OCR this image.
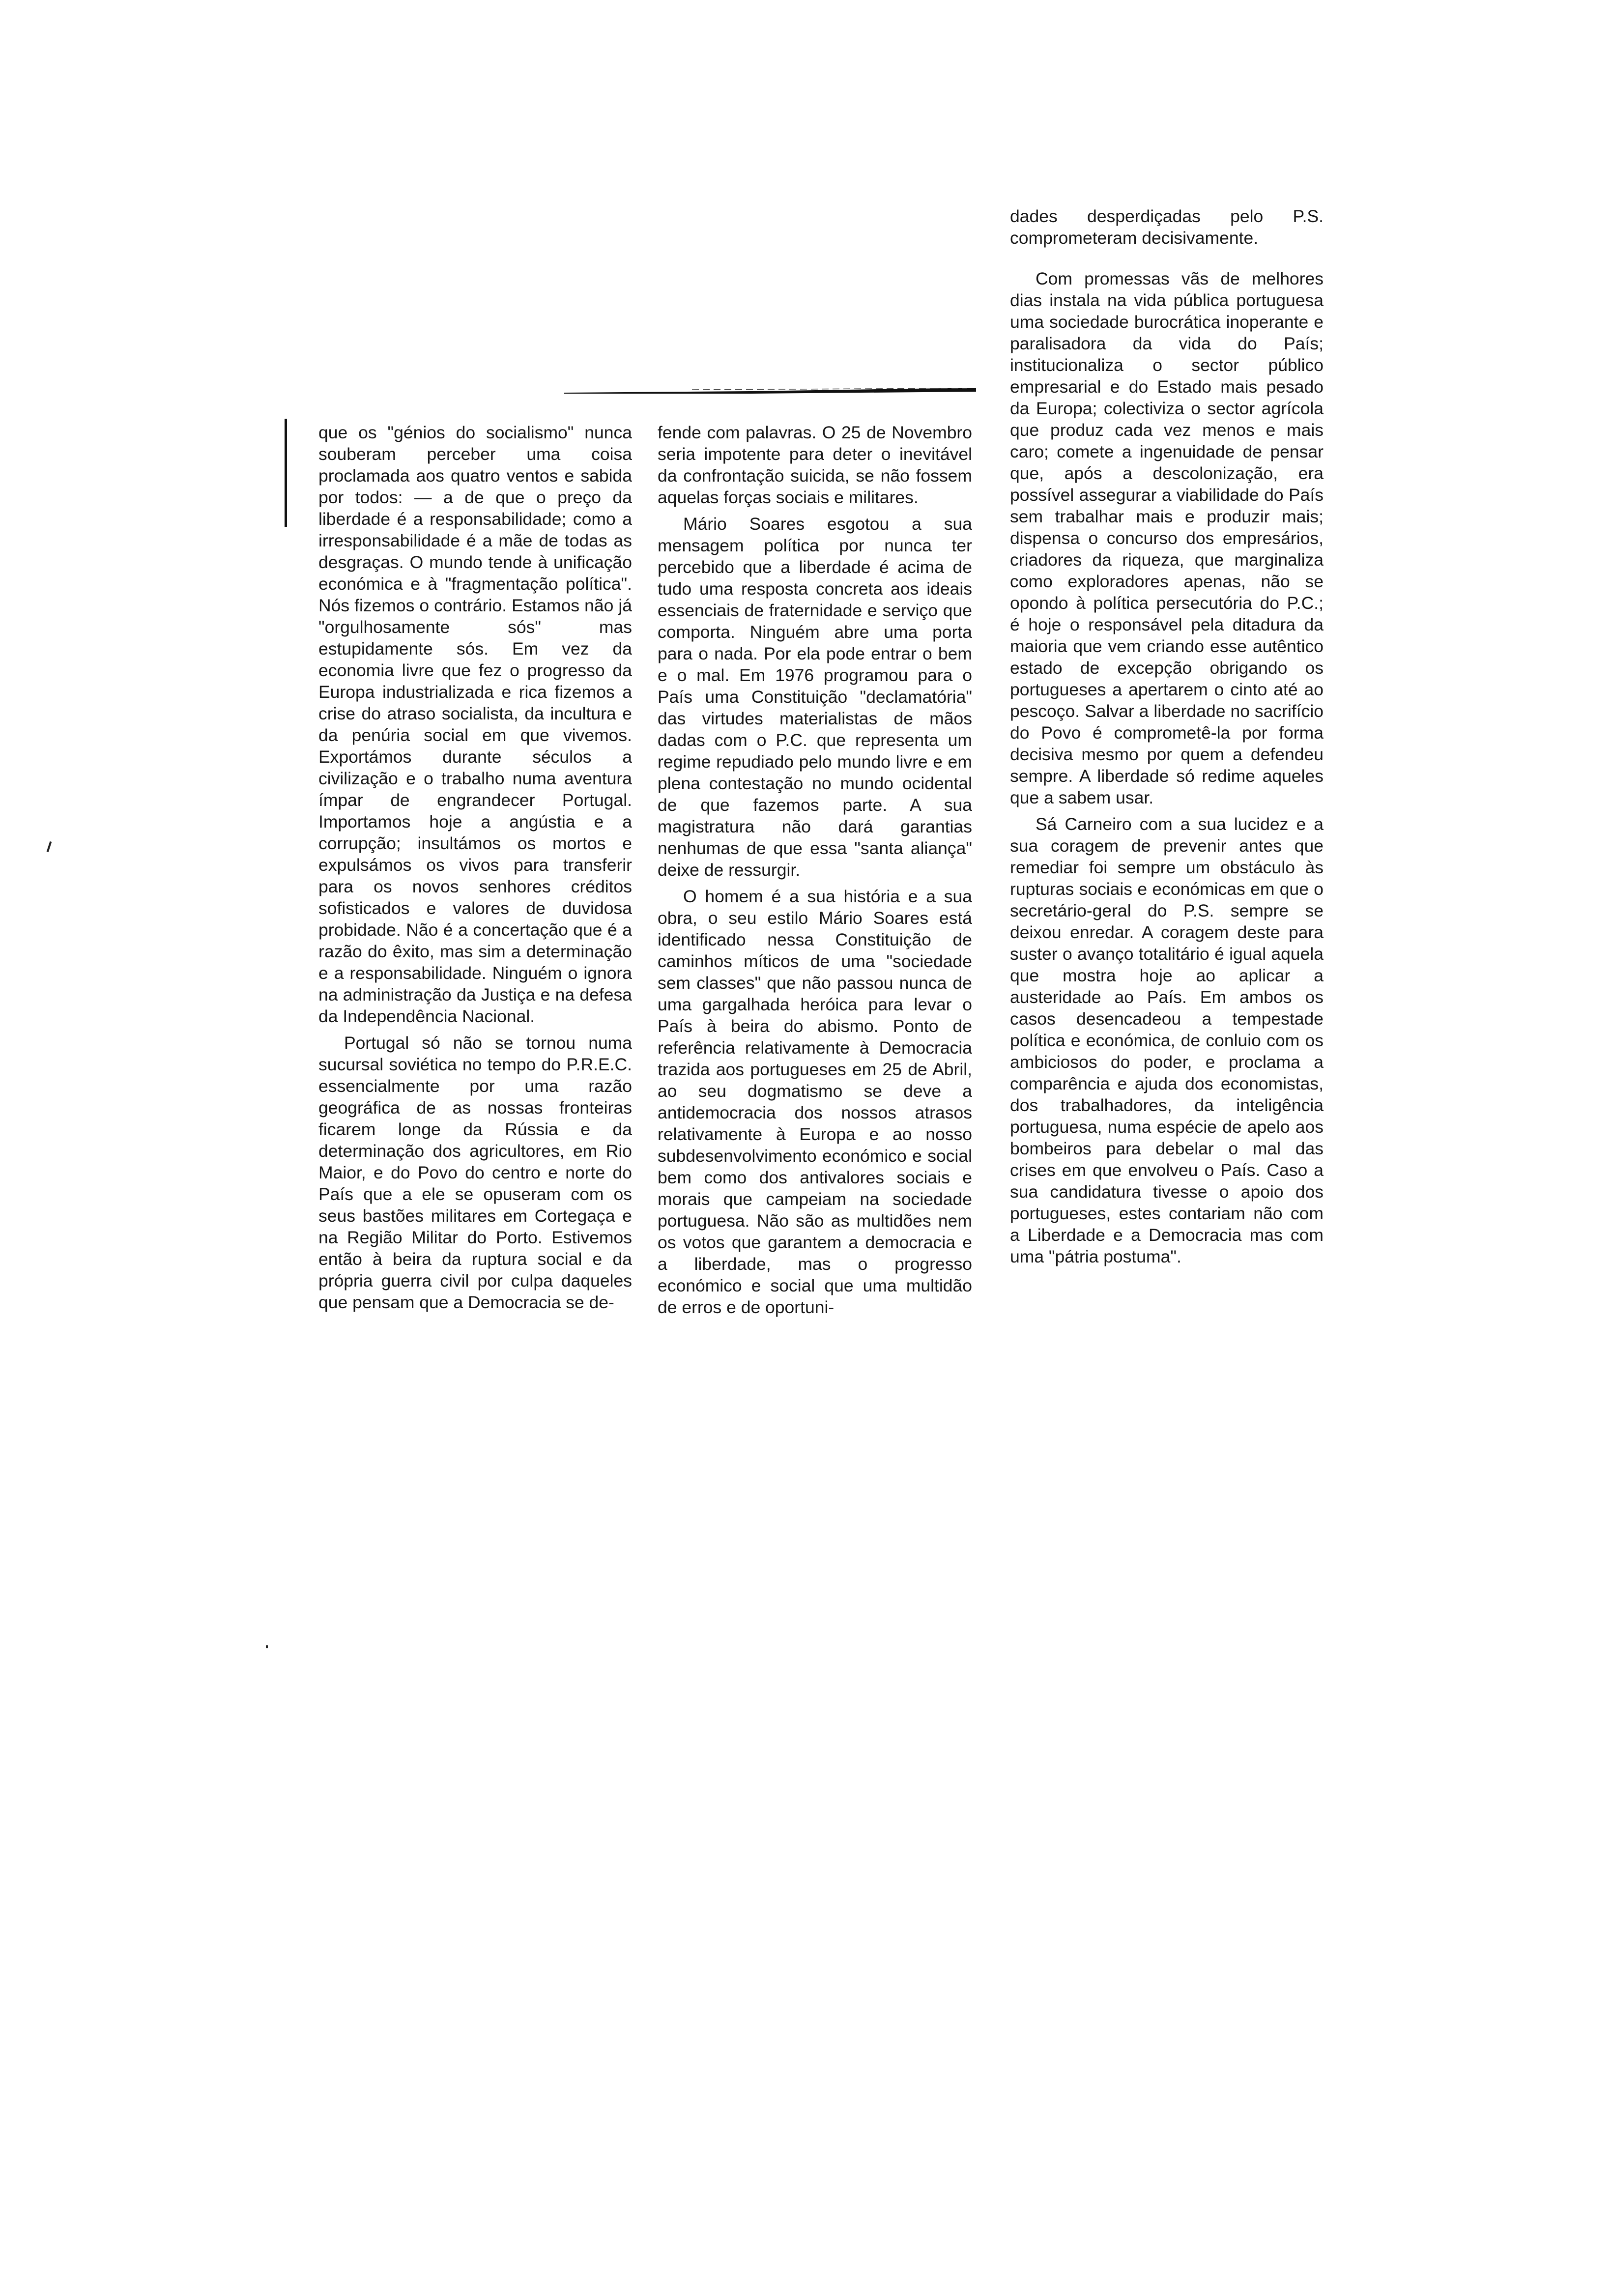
que os "génios do socialismo" nunca souberam perceber uma coisa proclamada aos quatro ventos e sabida por todos: — a de que o preço da liberdade é a responsabilidade; como a irresponsabilidade é a mãe de todas as desgraças. O mundo tende à unificação económica e à "fragmentação política". Nós fizemos o contrário. Estamos não já "orgulhosamente sós" mas estupidamente sós. Em vez da economia livre que fez o progresso da Europa industrializada e rica fizemos a crise do atraso socialista, da incultura e da penúria social em que vivemos. Exportámos durante séculos a civilização e o trabalho numa aventura ímpar de engrandecer Portugal. Importamos hoje a angústia e a corrupção; insultámos os mortos e expulsámos os vivos para transferir para os novos senhores créditos sofisticados e valores de duvidosa probidade. Não é a concertação que é a razão do êxito, mas sim a determinação e a responsabilidade. Ninguém o ignora na administração da Justiça e na defesa da Independência Nacional.

Portugal só não se tornou numa sucursal soviética no tempo do P.R.E.C. essencialmente por uma razão geográfica de as nossas fronteiras ficarem longe da Rússia e da determinação dos agricultores, em Rio Maior, e do Povo do centro e norte do País que a ele se opuseram com os seus bastões militares em Cortegaça e na Região Militar do Porto. Estivemos então à beira da ruptura social e da própria guerra civil por culpa daqueles que pensam que a Democracia se de-

fende com palavras. O 25 de Novembro seria impotente para deter o inevitável da confrontação suicida, se não fossem aquelas forças sociais e militares.

Mário Soares esgotou a sua mensagem política por nunca ter percebido que a liberdade é acima de tudo uma resposta concreta aos ideais essenciais de fraternidade e serviço que comporta. Ninguém abre uma porta para o nada. Por ela pode entrar o bem e o mal. Em 1976 programou para o País uma Constituição "declamatória" das virtudes materialistas de mãos dadas com o P.C. que representa um regime repudiado pelo mundo livre e em plena contestação no mundo ocidental de que fazemos parte. A sua magistratura não dará garantias nenhumas de que essa "santa aliança" deixe de ressurgir.

O homem é a sua história e a sua obra, o seu estilo Mário Soares está identificado nessa Constituição de caminhos míticos de uma "sociedade sem classes" que não passou nunca de uma gargalhada heróica para levar o País à beira do abismo. Ponto de referência relativamente à Democracia trazida aos portugueses em 25 de Abril, ao seu dogmatismo se deve a antidemocracia dos nossos atrasos relativamente à Europa e ao nosso subdesenvolvimento económico e social bem como dos antivalores sociais e morais que campeiam na sociedade portuguesa. Não são as multidões nem os votos que garantem a democracia e a liberdade, mas o progresso económico e social que uma multidão de erros e de oportuni-

dades desperdiçadas pelo P.S. comprometeram decisivamente.

Com promessas vãs de melhores dias instala na vida pública portuguesa uma sociedade burocrática inoperante e paralisadora da vida do País; institucionaliza o sector público empresarial e do Estado mais pesado da Europa; colectiviza o sector agrícola que produz cada vez menos e mais caro; comete a ingenuidade de pensar que, após a descolonização, era possível assegurar a viabilidade do País sem trabalhar mais e produzir mais; dispensa o concurso dos empresários, criadores da riqueza, que marginaliza como exploradores apenas, não se opondo à política persecutória do P.C.; é hoje o responsável pela ditadura da maioria que vem criando esse autêntico estado de excepção obrigando os portugueses a apertarem o cinto até ao pescoço. Salvar a liberdade no sacrifício do Povo é comprometê-la por forma decisiva mesmo por quem a defendeu sempre. A liberdade só redime aqueles que a sabem usar.

Sá Carneiro com a sua lucidez e a sua coragem de prevenir antes que remediar foi sempre um obstáculo às rupturas sociais e económicas em que o secretário-geral do P.S. sempre se deixou enredar. A coragem deste para suster o avanço totalitário é igual aquela que mostra hoje ao aplicar a austeridade ao País. Em ambos os casos desencadeou a tempestade política e económica, de conluio com os ambiciosos do poder, e proclama a comparência e ajuda dos economistas, dos trabalhadores, da inteligência portuguesa, numa espécie de apelo aos bombeiros para debelar o mal das crises em que envolveu o País. Caso a sua candidatura tivesse o apoio dos portugueses, estes contariam não com a Liberdade e a Democracia mas com uma "pátria postuma".
